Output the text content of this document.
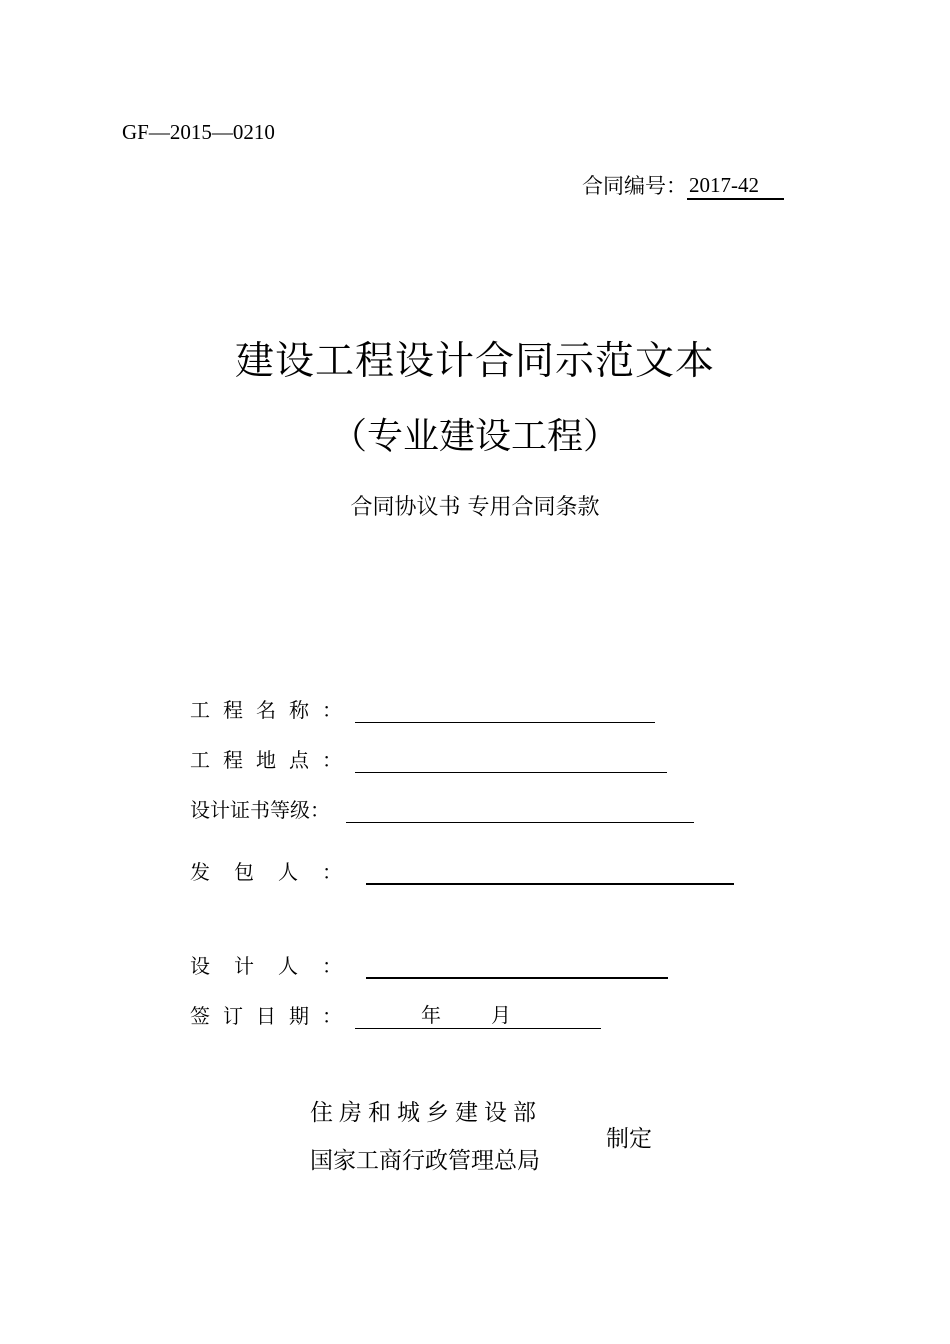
GF—2015—0210
合同编号： 2017-42
建设工程设计合同示范文本
（专业建设工程）
合同协议书 专用合同条款
工程名称：
工程地点：
设计证书等级：
发包人：
设计人：
签订日期：	年	月
住房和城乡建设部
国家工商行政管理总局
制定
